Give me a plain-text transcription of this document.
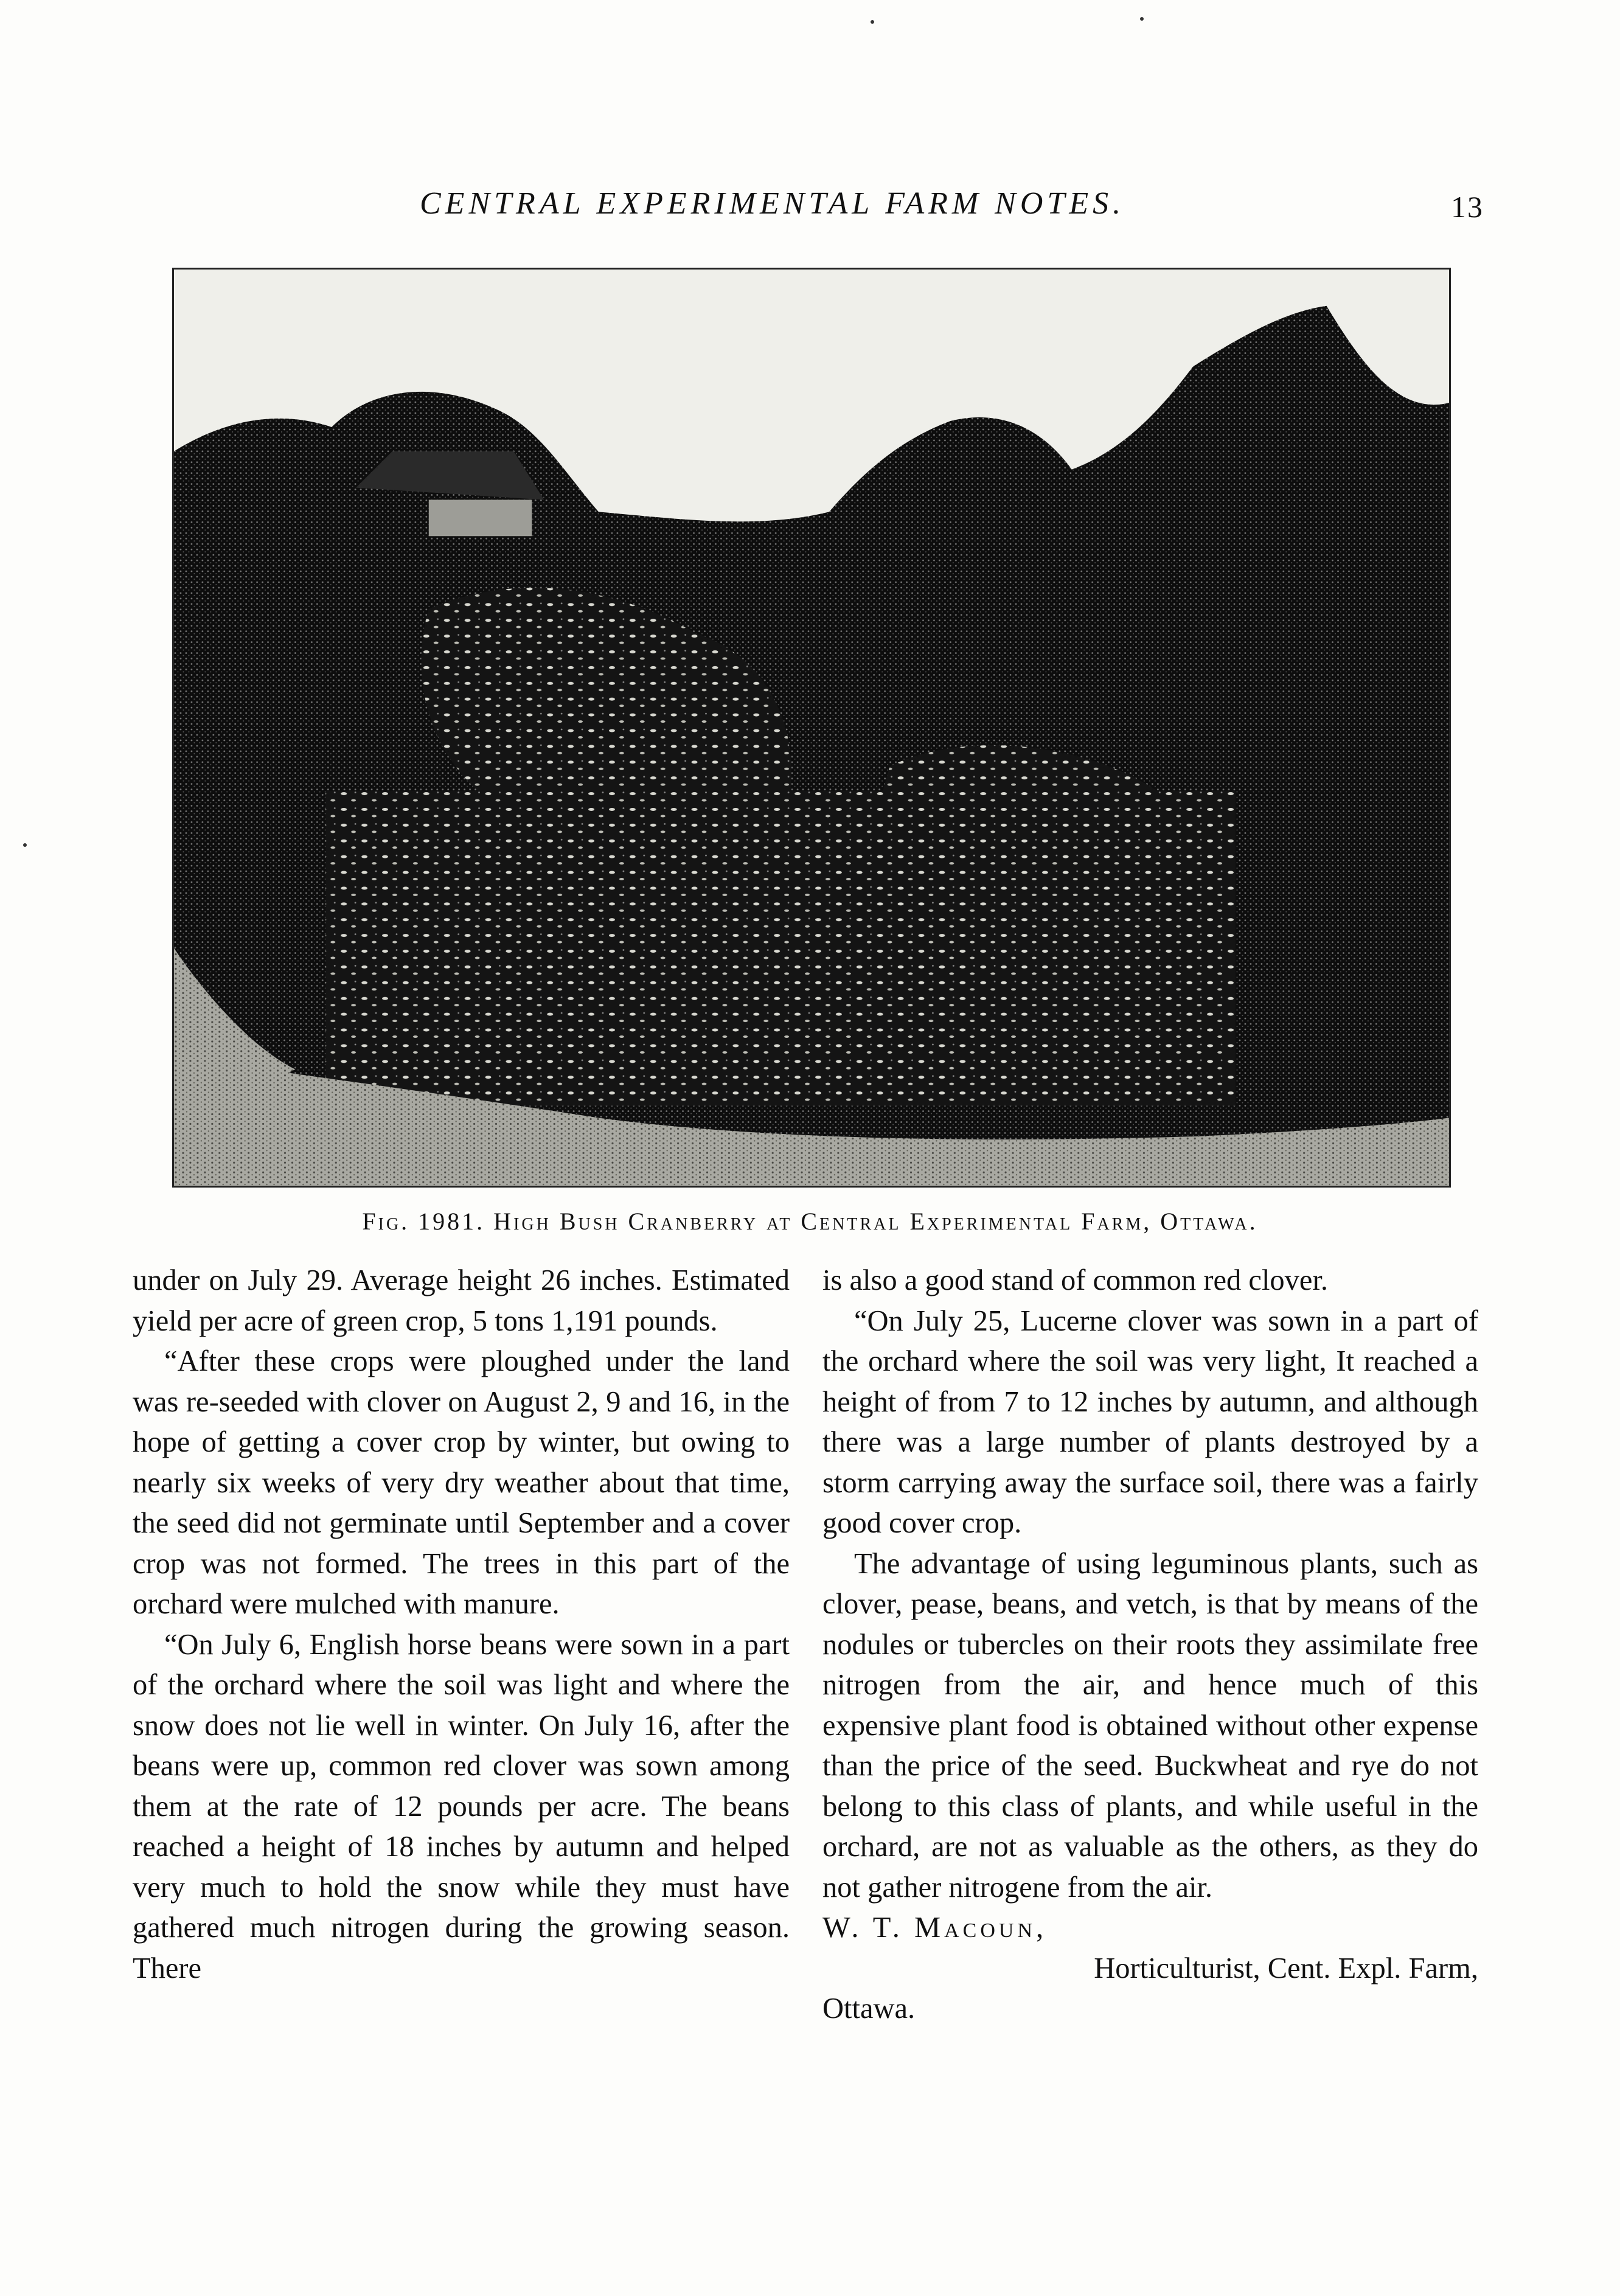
CENTRAL EXPERIMENTAL FARM NOTES.	13
Fig. 1981. High Bush Cranberry at Central Experimental Farm, Ottawa.

under on July 29. Average height 26 inches. Estimated yield per acre of green crop, 5 tons 1,191 pounds.

“After these crops were ploughed under the land was re-seeded with clover on August 2, 9 and 16, in the hope of getting a cover crop by winter, but owing to nearly six weeks of very dry weather about that time, the seed did not germinate until September and a cover crop was not formed. The trees in this part of the orchard were mulched with manure.

“On July 6, English horse beans were sown in a part of the orchard where the soil was light and where the snow does not lie well in winter. On July 16, after the beans were up, common red clover was sown among them at the rate of 12 pounds per acre. The beans reached a height of 18 inches by autumn and helped very much to hold the snow while they must have gathered much nitrogen during the growing season. There

is also a good stand of common red clover.

“On July 25, Lucerne clover was sown in a part of the orchard where the soil was very light, It reached a height of from 7 to 12 inches by autumn, and although there was a large number of plants destroyed by a storm carrying away the surface soil, there was a fairly good cover crop.

The advantage of using leguminous plants, such as clover, pease, beans, and vetch, is that by means of the nodules or tubercles on their roots they assimilate free nitrogen from the air, and hence much of this expensive plant food is obtained without other expense than the price of the seed. Buckwheat and rye do not belong to this class of plants, and while useful in the orchard, are not as valuable as the others, as they do not gather nitrogene from the air.

W. T. Macoun,

Horticulturist, Cent. Expl. Farm,

Ottawa.
